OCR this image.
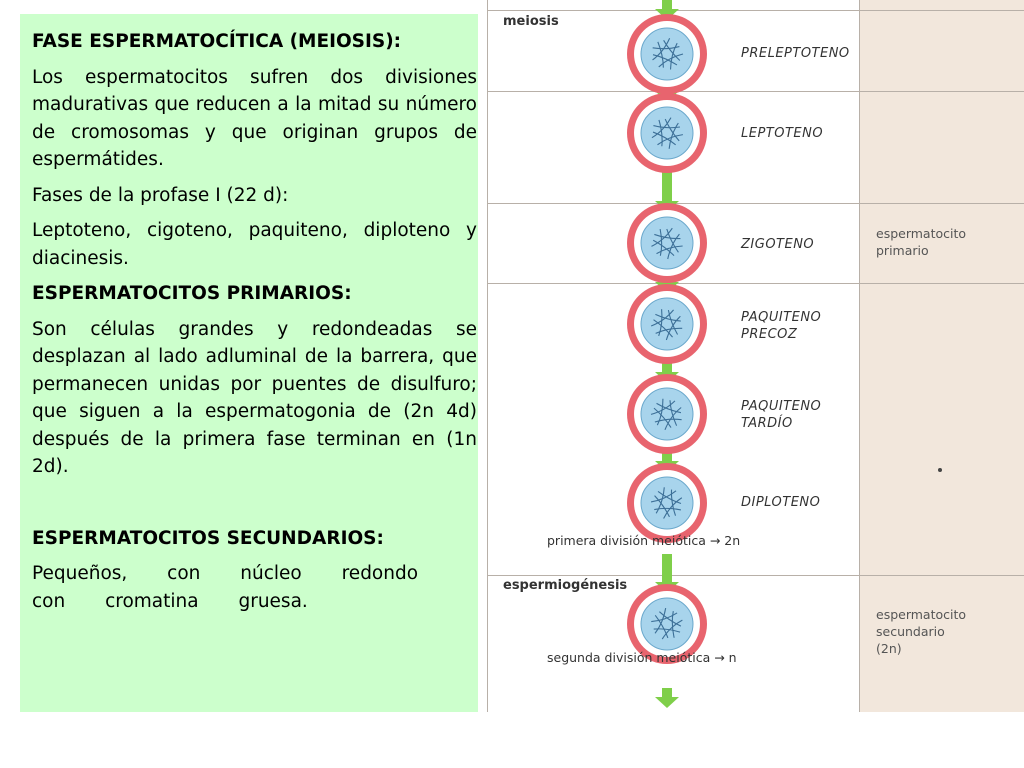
FASE ESPERMATOCÍTICA (MEIOSIS):

Los espermatocitos sufren dos divisiones madurativas que reducen a la mitad su número de cromosomas y que originan grupos de espermátides.

Fases de la profase I (22 d):

Leptoteno, cigoteno, paquiteno, diploteno y diacinesis.

ESPERMATOCITOS PRIMARIOS:

Son células grandes y redondeadas se desplazan al lado adluminal de la barrera, que permanecen unidas por puentes de disulfuro; que siguen a la espermatogonia de (2n 4d) después de la primera fase terminan en (1n 2d).

ESPERMATOCITOS SECUNDARIOS:

Pequeños, con núcleo redondo con cromatina gruesa.

meiosis
espermiogénesis
PRELEPTOTENO
LEPTOTENO
ZIGOTENO
PAQUITENO
PRECOZ
PAQUITENO
TARDÍO
DIPLOTENO
primera división meiótica → 2n
segunda división meiótica → n
espermatocito
primario
espermatocito
secundario
(2n)
